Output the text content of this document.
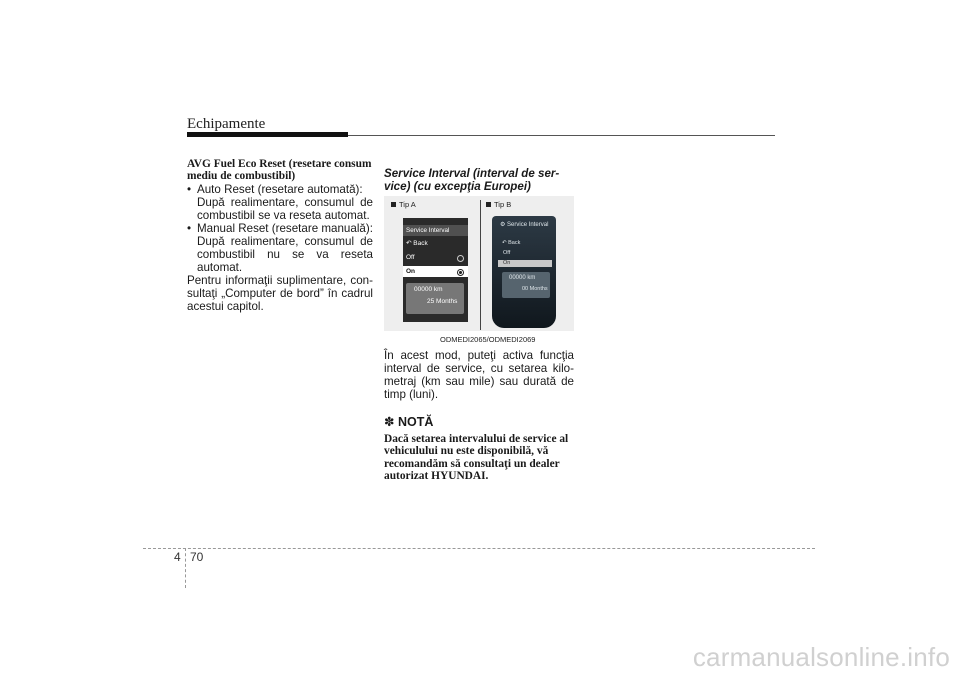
Echipamente
AVG Fuel Eco Reset (resetare consum mediu de combustibil)
• Auto Reset (resetare automată):
După realimentare, consumul de combustibil se va reseta automat.
• Manual Reset (resetare manuală):
După realimentare, consumul de combustibil nu se va reseta automat.
Pentru informaţii suplimentare, con- sultaţi „Computer de bord” în cadrul acestui capitol.
Service Interval (interval de ser- vice) (cu excepţia Europei)
Tip A	Tip B
Service Interval
↶ Back
Off
On
00000 km
25 Months
⚙ Service Interval
↶ Back
Off
On
00000 km
00 Months
ODMEDI2065/ODMEDI2069
În acest mod, puteţi activa funcţia interval de service, cu setarea kilo- metraj (km sau mile) sau durată de timp (luni).
✽ NOTĂ
Dacă setarea intervalului de service al vehiculului nu este disponibilă, vă recomandăm să consultaţi un dealer autorizat HYUNDAI.
4 70
carmanualsonline.info
